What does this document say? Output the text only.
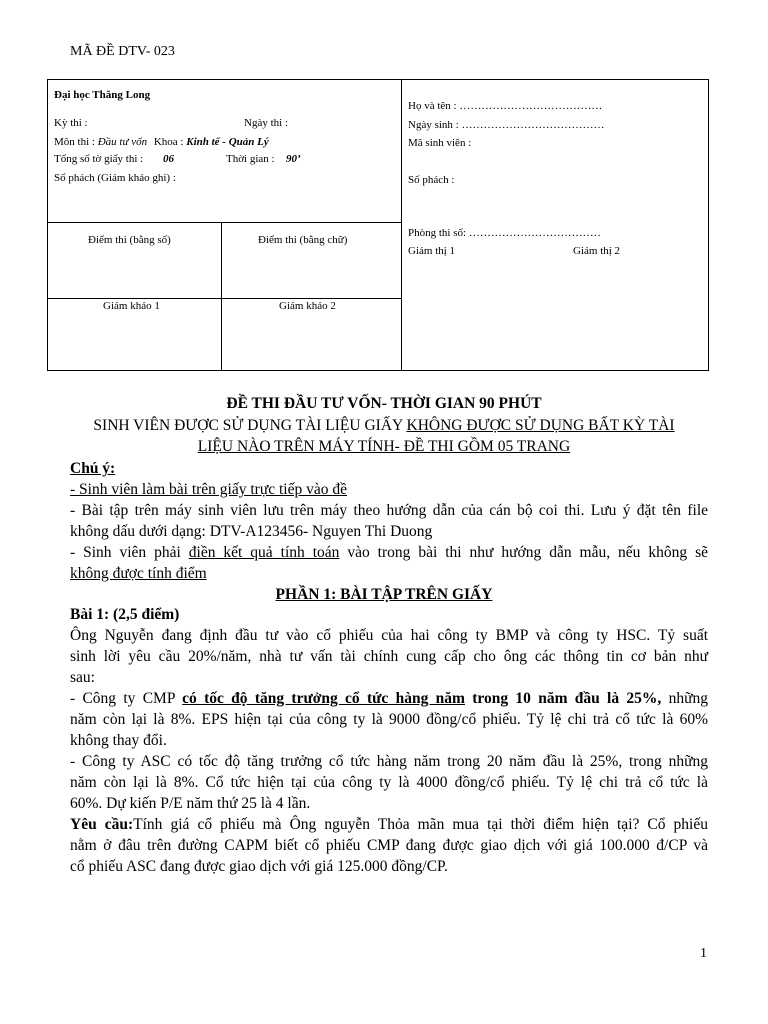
MÃ ĐỀ DTV- 023
Đại học Thăng Long
Kỳ thi :	Ngày thi :
Môn thi : Đầu tư vốn Khoa : Kinh tế - Quản Lý
Tổng số tờ giấy thi : 06	Thời gian : 90’
Số phách (Giám khảo ghi) :
Điểm thi (bằng số)	Điểm thi (bằng chữ)
Giám khảo 1	Giám khảo 2
Họ và tên : …………………………………
Ngày sinh : …………………………………
Mã sinh viên :
Số phách :
Phòng thi số: ………………………………
Giám thị 1	Giám thị 2
ĐỀ THI ĐẦU TƯ VỐN- THỜI GIAN 90 PHÚT
SINH VIÊN ĐƯỢC SỬ DỤNG TÀI LIỆU GIẤY KHÔNG ĐƯỢC SỬ DỤNG BẤT KỲ TÀI
LIỆU NÀO TRÊN MÁY TÍNH- ĐỀ THI GỒM 05 TRANG
Chú ý:
- Sinh viên làm bài trên giấy trực tiếp vào đề
- Bài tập trên máy sinh viên lưu trên máy theo hướng dẫn của cán bộ coi thi. Lưu ý đặt tên file
không dấu dưới dạng: DTV-A123456- Nguyen Thi Duong
- Sinh viên phải điền kết quả tính toán vào trong bài thi như hướng dẫn mẫu, nếu không sẽ
không được tính điểm
PHẦN 1: BÀI TẬP TRÊN GIẤY
Bài 1: (2,5 điểm)
Ông Nguyễn đang định đầu tư vào cổ phiếu của hai công ty BMP và công ty HSC. Tỷ suất
sinh lời yêu cầu 20%/năm, nhà tư vấn tài chính cung cấp cho ông các thông tin cơ bản như
sau:
- Công ty CMP có tốc độ tăng trưởng cổ tức hàng năm trong 10 năm đầu là 25%, những
năm còn lại là 8%. EPS hiện tại của công ty là 9000 đồng/cổ phiếu. Tỷ lệ chi trả cổ tức là 60%
không thay đổi.
- Công ty ASC có tốc độ tăng trưởng cổ tức hàng năm trong 20 năm đầu là 25%, trong những
năm còn lại là 8%. Cổ tức hiện tại của công ty là 4000 đồng/cổ phiếu. Tỷ lệ chi trả cổ tức là
60%. Dự kiến P/E năm thứ 25 là 4 lần.
Yêu cầu:Tính giá cổ phiếu mà Ông nguyễn Thỏa mãn mua tại thời điểm hiện tại? Cổ phiếu
nằm ở đâu trên đường CAPM biết cổ phiếu CMP đang được giao dịch với giá 100.000 đ/CP và
cổ phiếu ASC đang được giao dịch với giá 125.000 đồng/CP.
1
